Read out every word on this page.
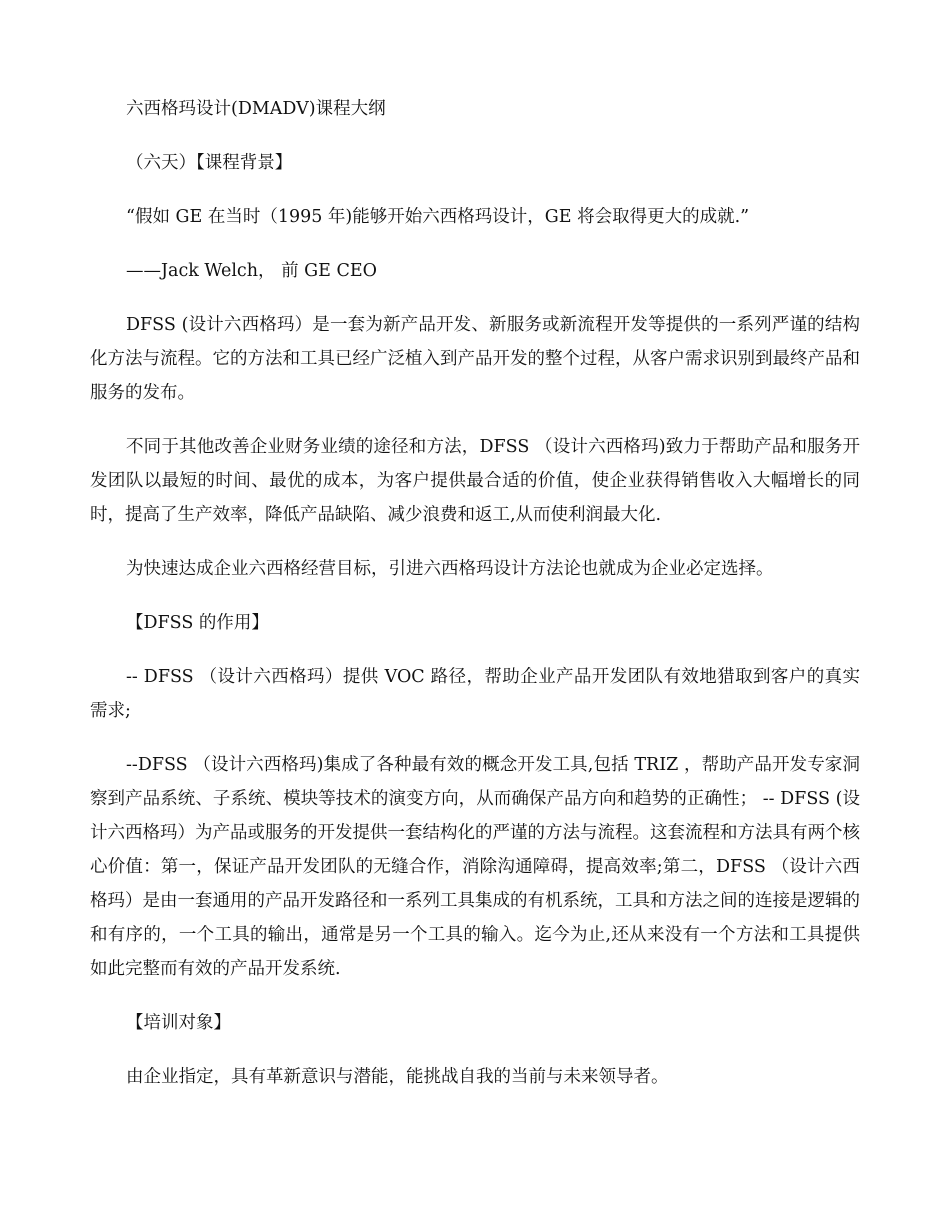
六西格玛设计(DMADV)课程大纲

（六天）【课程背景】

“假如 GE 在当时（1995 年)能够开始六西格玛设计，GE 将会取得更大的成就.”

——Jack Welch， 前 GE CEO

DFSS (设计六西格玛）是一套为新产品开发、新服务或新流程开发等提供的一系列严谨的结构化方法与流程。它的方法和工具已经广泛植入到产品开发的整个过程，从客户需求识别到最终产品和服务的发布。

不同于其他改善企业财务业绩的途径和方法，DFSS （设计六西格玛)致力于帮助产品和服务开发团队以最短的时间、最优的成本，为客户提供最合适的价值，使企业获得销售收入大幅增长的同时，提高了生产效率，降低产品缺陷、减少浪费和返工,从而使利润最大化.

为快速达成企业六西格经营目标，引进六西格玛设计方法论也就成为企业必定选择。

【DFSS 的作用】

-- DFSS （设计六西格玛）提供 VOC 路径，帮助企业产品开发团队有效地猎取到客户的真实需求;

--DFSS （设计六西格玛)集成了各种最有效的概念开发工具,包括 TRIZ ，帮助产品开发专家洞察到产品系统、子系统、模块等技术的演变方向，从而确保产品方向和趋势的正确性； -- DFSS (设计六西格玛）为产品或服务的开发提供一套结构化的严谨的方法与流程。这套流程和方法具有两个核心价值：第一，保证产品开发团队的无缝合作，消除沟通障碍，提高效率;第二，DFSS （设计六西格玛）是由一套通用的产品开发路径和一系列工具集成的有机系统，工具和方法之间的连接是逻辑的和有序的，一个工具的输出，通常是另一个工具的输入。迄今为止,还从来没有一个方法和工具提供如此完整而有效的产品开发系统.

【培训对象】

由企业指定，具有革新意识与潜能，能挑战自我的当前与未来领导者。
